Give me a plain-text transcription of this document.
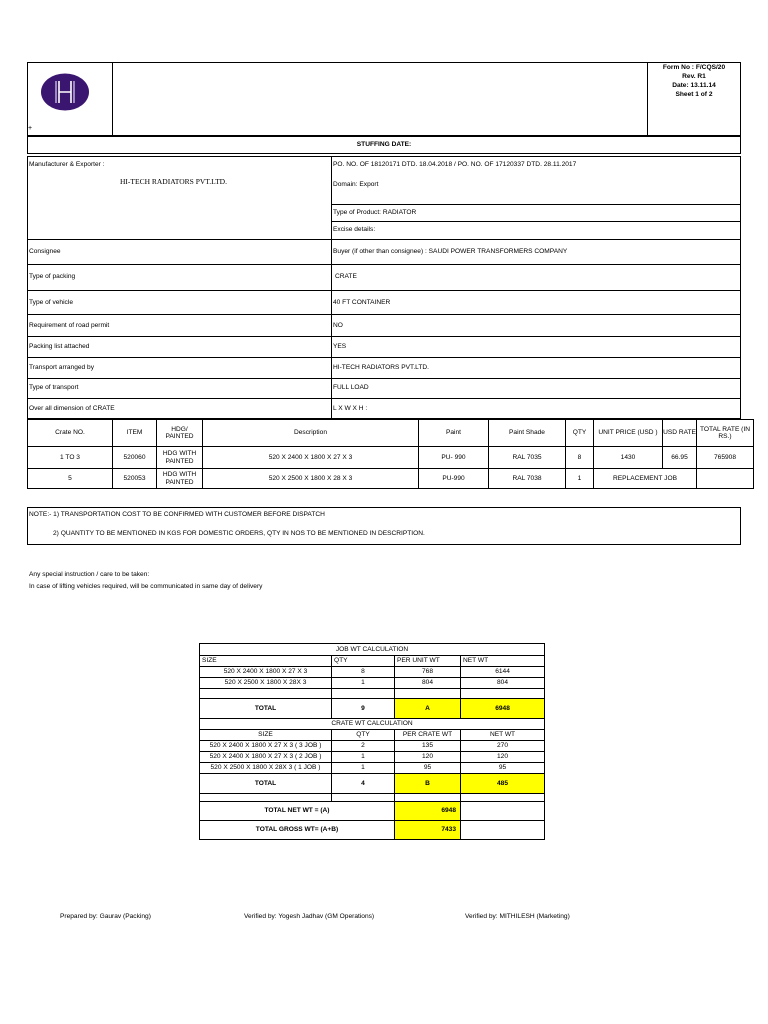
+
Form No : F/CQS/20
Rev. R1
Date: 13.11.14
Sheet 1 of 2
STUFFING DATE:
Manufacturer & Exporter :
HI-TECH RADIATORS PVT.LTD.
PO. NO. OF 18120171 DTD. 18.04.2018 / PO. NO. OF 17120337 DTD. 28.11.2017
Domain: Export
Type of Product: RADIATOR
Excise details:
Consignee	Buyer (if other than consignee) : SAUDI POWER TRANSFORMERS COMPANY
Type of packing	CRATE
Type of vehicle	40 FT CONTAINER
Requirement of road permit	NO
Packing list attached	YES
Transport arranged by	HI-TECH RADIATORS PVT.LTD.
Type of transport	FULL LOAD
Over all dimension of CRATE	L X W X H :
Crate NO.	ITEM	HDG/ PAINTED	Description	Paint	Paint Shade	QTY	UNIT PRICE (USD )	USD RATE	TOTAL RATE (IN RS.)
1 TO 3	520060	HDG WITH PAINTED	520 X 2400 X 1800 X 27 X 3	PU- 990	RAL 7035	8	1430	66.95	765908
5	520053	HDG WITH PAINTED	520 X 2500 X 1800 X 28 X 3	PU-990	RAL 7038	1	REPLACEMENT JOB		
NOTE:- 1) TRANSPORTATION COST TO BE CONFIRMED WITH CUSTOMER BEFORE DISPATCH
2) QUANTITY TO BE MENTIONED IN KGS FOR DOMESTIC ORDERS, QTY IN NOS TO BE MENTIONED IN DESCRIPTION.
Any special instruction / care to be taken:
In case of lifting vehicles required, will be communicated in same day of delivery
JOB WT CALCULATION			
SIZE	QTY	PER UNIT WT	NET WT
520 X 2400 X 1800 X 27 X 3	8	768	6144
520 X 2500 X 1800 X 28X 3	1	804	804

TOTAL	9	A	6948
CRATE WT CALCULATION			
SIZE	QTY	PER CRATE WT	NET WT
520 X 2400 X 1800 X 27 X 3 ( 3 JOB )	2	135	270
520 X 2400 X 1800 X 27 X 3 ( 2 JOB )	1	120	120
520 X 2500 X 1800 X 28X 3 ( 1 JOB )	1	95	95
TOTAL	4	B	485

TOTAL NET WT = (A)		6948	
TOTAL GROSS WT= (A+B)		7433	
Prepared by: Gaurav (Packing)	Verified by: Yogesh Jadhav (GM Operations)	Verified by: MITHILESH (Marketing)
